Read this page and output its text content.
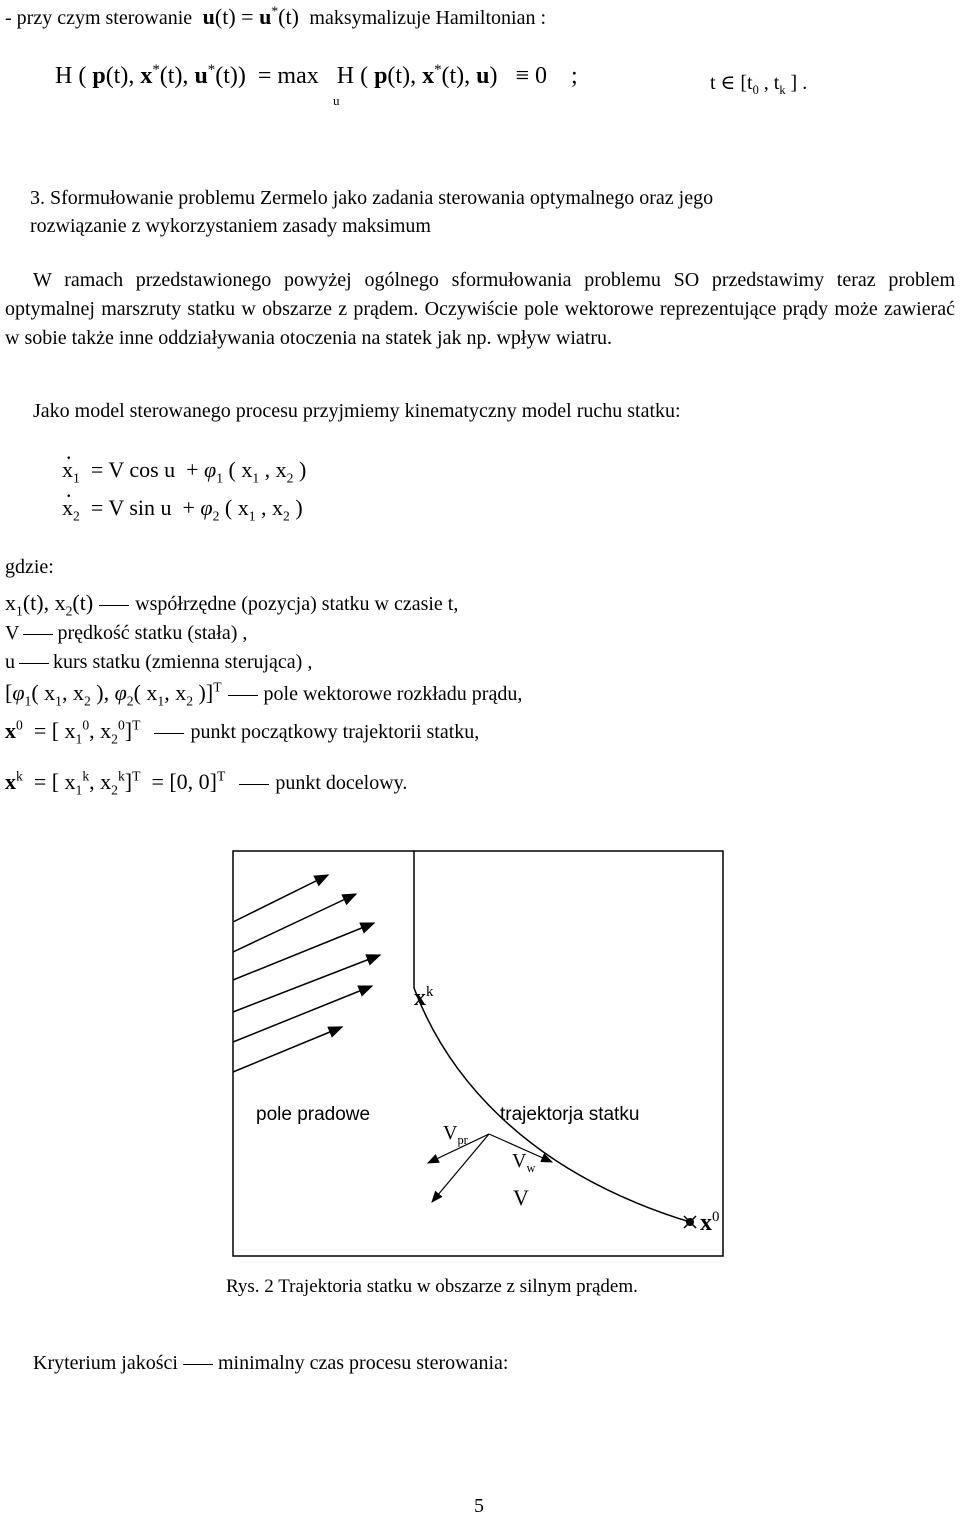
- przy czym sterowanie u(t) = u*(t)  maksymalizuje Hamiltonian :
H ( p(t), x*(t), u*(t))  = max   H ( p(t), x*(t), u)   ≡ 0    ;
u
t ∈ [$t_0$ , $t_k$ ] .
3. Sformułowanie problemu Zermelo jako zadania sterowania optymalnego oraz jego
rozwiązanie z wykorzystaniem zasady maksimum
W ramach przedstawionego powyżej ogólnego sformułowania problemu SO przedstawimy teraz problem optymalnej marszruty statku w obszarze z prądem. Oczywiście pole wektorowe reprezentujące prądy może zawierać w sobie także inne oddziaływania otoczenia na statek jak np. wpływ wiatru.
Jako model sterowanego procesu przyjmiemy kinematyczny model ruchu statku:
x $._1 = V$ $\cos u + \varphi_1$ ( $x_1$ , $x_2$ )
x $._2 = V$ $\sin u + \varphi_2$ ( $x_1$ , $x_2$ )
gdzie:
$x_1(t)$, $x_2(t)$ współrzędne (pozycja) statku w czasie t,
V prędkość statku (stała) ,
u kurs statku (zmienna sterująca) ,
[$\varphi_1$( $x_1$, $x_2$ ), $\varphi_2$( $x_1$, $x_2$ )]$^T$ pole wektorowe rozkładu prądu,
$x^0$  = [ $x_1^0$, $x_2^0]^T$	punkt początkowy trajektorii statku,
$x^k$  = [ $x_1^k$, $x_2^k]^T = [0$, 0]$^T$	punkt docelowy.
$x^k$
pole pradowe	trajektorja statku
$V_{pr}$
$V_w$
V
$x^0$
Rys. 2 Trajektoria statku w obszarze z silnym prądem.
Kryterium jakości minimalny czas procesu sterowania:
5
